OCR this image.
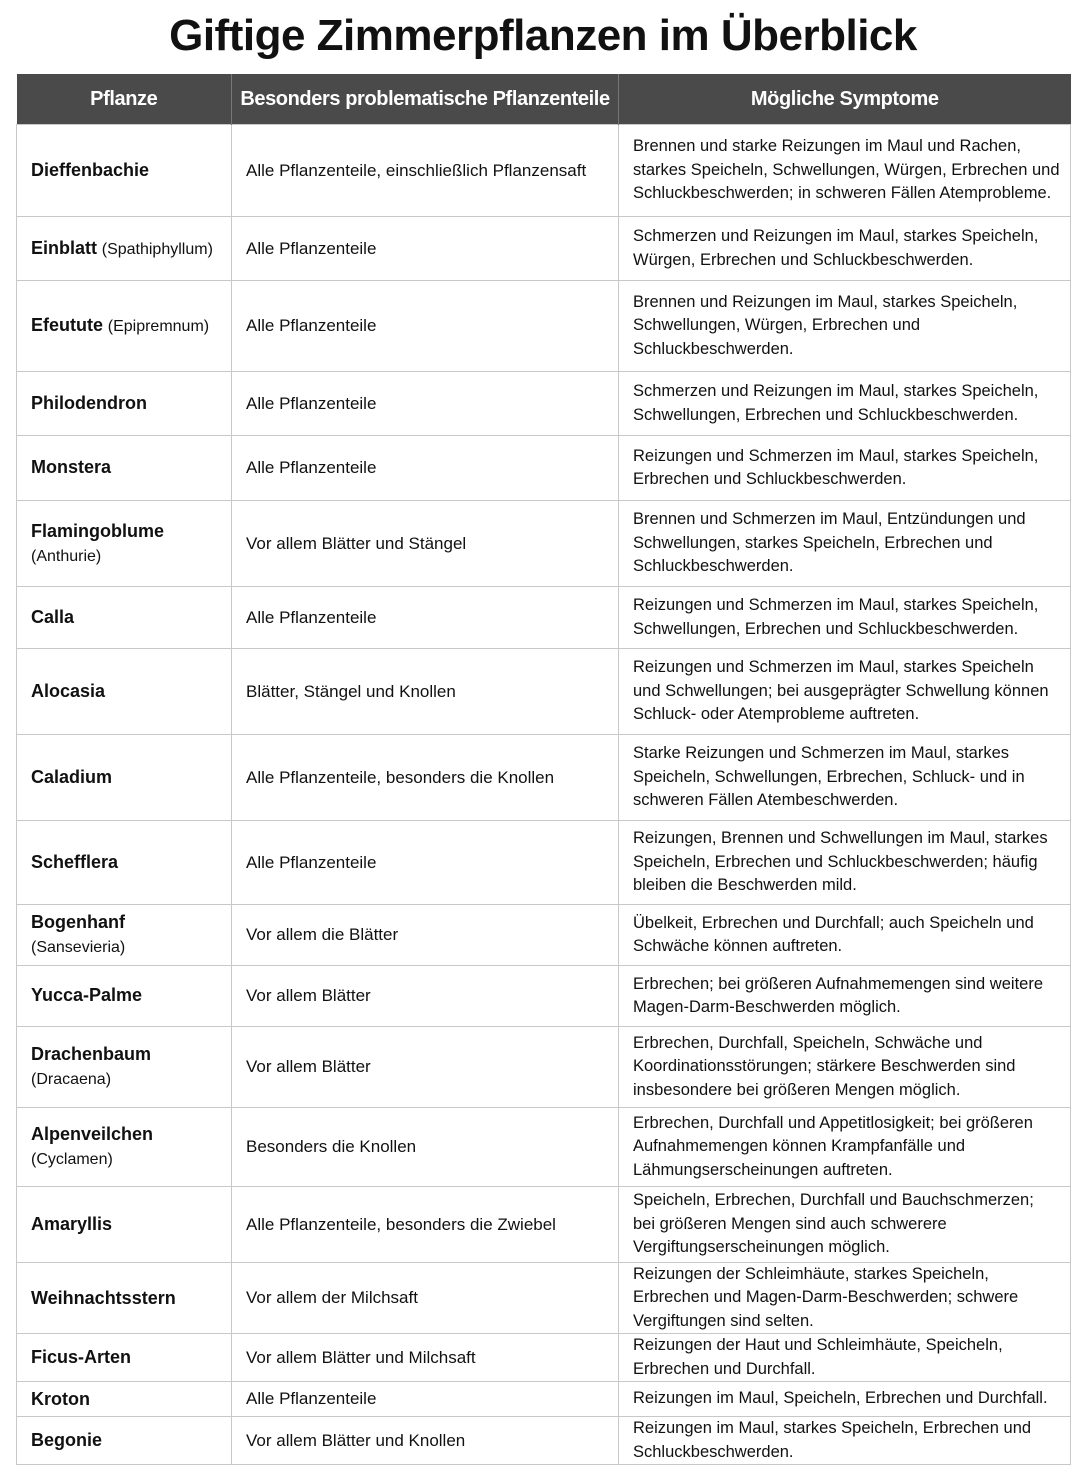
Giftige Zimmerpflanzen im Überblick
Pflanze	Besonders problematische Pflanzenteile	Mögliche Symptome
Dieffenbachie	Alle Pflanzenteile, einschließlich Pflanzensaft	Brennen und starke Reizungen im Maul und Rachen, starkes Speicheln, Schwellungen, Würgen, Erbrechen und Schluckbeschwerden; in schweren Fällen Atemprobleme.
Einblatt (Spathiphyllum)	Alle Pflanzenteile	Schmerzen und Reizungen im Maul, starkes Speicheln, Würgen, Erbrechen und Schluckbeschwerden.
Efeutute (Epipremnum)	Alle Pflanzenteile	Brennen und Reizungen im Maul, starkes Speicheln, Schwellungen, Würgen, Erbrechen und Schluckbeschwerden.
Philodendron	Alle Pflanzenteile	Schmerzen und Reizungen im Maul, starkes Speicheln, Schwellungen, Erbrechen und Schluckbeschwerden.
Monstera	Alle Pflanzenteile	Reizungen und Schmerzen im Maul, starkes Speicheln, Erbrechen und Schluckbeschwerden.
Flamingoblume (Anthurie)	Vor allem Blätter und Stängel	Brennen und Schmerzen im Maul, Entzündungen und Schwellungen, starkes Speicheln, Erbrechen und Schluckbeschwerden.
Calla	Alle Pflanzenteile	Reizungen und Schmerzen im Maul, starkes Speicheln, Schwellungen, Erbrechen und Schluckbeschwerden.
Alocasia	Blätter, Stängel und Knollen	Reizungen und Schmerzen im Maul, starkes Speicheln und Schwellungen; bei ausgeprägter Schwellung können Schluck- oder Atemprobleme auftreten.
Caladium	Alle Pflanzenteile, besonders die Knollen	Starke Reizungen und Schmerzen im Maul, starkes Speicheln, Schwellungen, Erbrechen, Schluck- und in schweren Fällen Atembeschwerden.
Schefflera	Alle Pflanzenteile	Reizungen, Brennen und Schwellungen im Maul, starkes Speicheln, Erbrechen und Schluckbeschwerden; häufig bleiben die Beschwerden mild.
Bogenhanf (Sansevieria)	Vor allem die Blätter	Übelkeit, Erbrechen und Durchfall; auch Speicheln und Schwäche können auftreten.
Yucca-Palme	Vor allem Blätter	Erbrechen; bei größeren Aufnahmemengen sind weitere Magen-Darm-Beschwerden möglich.
Drachenbaum (Dracaena)	Vor allem Blätter	Erbrechen, Durchfall, Speicheln, Schwäche und Koordinationsstörungen; stärkere Beschwerden sind insbesondere bei größeren Mengen möglich.
Alpenveilchen (Cyclamen)	Besonders die Knollen	Erbrechen, Durchfall und Appetitlosigkeit; bei größeren Aufnahmemengen können Krampfanfälle und Lähmungserscheinungen auftreten.
Amaryllis	Alle Pflanzenteile, besonders die Zwiebel	Speicheln, Erbrechen, Durchfall und Bauchschmerzen; bei größeren Mengen sind auch schwerere Vergiftungserscheinungen möglich.
Weihnachtsstern	Vor allem der Milchsaft	Reizungen der Schleimhäute, starkes Speicheln, Erbrechen und Magen-Darm-Beschwerden; schwere Vergiftungen sind selten.
Ficus-Arten	Vor allem Blätter und Milchsaft	Reizungen der Haut und Schleimhäute, Speicheln, Erbrechen und Durchfall.
Kroton	Alle Pflanzenteile	Reizungen im Maul, Speicheln, Erbrechen und Durchfall.
Begonie	Vor allem Blätter und Knollen	Reizungen im Maul, starkes Speicheln, Erbrechen und Schluckbeschwerden.
